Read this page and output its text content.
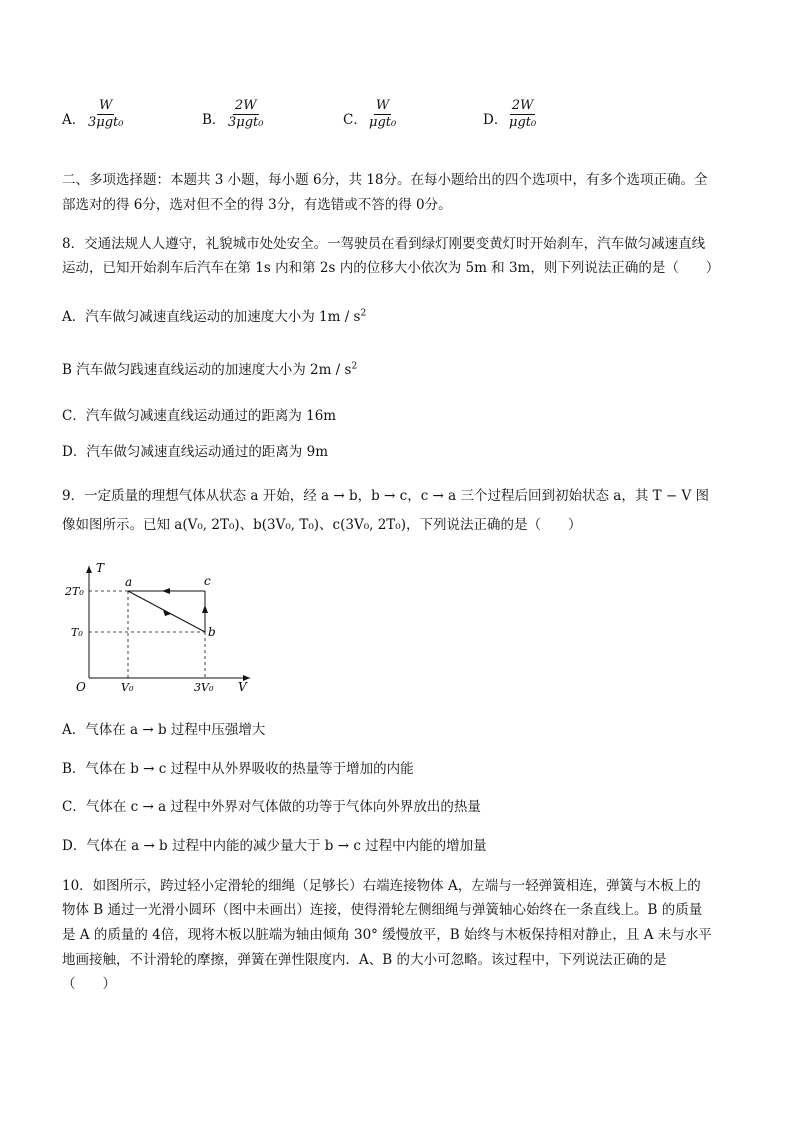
A．
W
3μgt₀	B．
2W
3μgt₀	C．
W
μgt₀	D．
2W
μgt₀
二、多项选择题：本题共 3 小题，每小题 6分，共 18分。在每小题给出的四个选项中，有多个选项正确。全
部选对的得 6分，选对但不全的得 3分，有选错或不答的得 0分。
8．交通法规人人遵守，礼貌城市处处安全。一驾驶员在看到绿灯刚要变黄灯时开始刹车，汽车做匀减速直线
运动，已知开始刹车后汽车在第 1s 内和第 2s 内的位移大小依次为 5m 和 3m，则下列说法正确的是（　　）
A．汽车做匀减速直线运动的加速度大小为 $1m / s^2$
B 汽车做匀践速直线运动的加速度大小为 $2m / s^2$
C．汽车做匀减速直线运动通过的距离为 16m
D．汽车做匀减速直线运动通过的距离为 9m
9．一定质量的理想气体从状态 a 开始，经 a → b，b → c，c → a 三个过程后回到初始状态 a，其 T − V 图
像如图所示。已知 a(V₀, 2T₀)、b(3V₀, T₀)、c(3V₀, 2T₀)，下列说法正确的是（　　）
T
V
O
2T₀
T₀
V₀	3V₀
a
b
c
A．气体在 a → b 过程中压强增大
B．气体在 b → c 过程中从外界吸收的热量等于增加的内能
C．气体在 c → a 过程中外界对气体做的功等于气体向外界放出的热量
D．气体在 a → b 过程中内能的减少量大于 b → c 过程中内能的增加量
10．如图所示，跨过轻小定滑轮的细绳（足够长）右端连接物体 A，左端与一轻弹簧相连，弹簧与木板上的
物体 B 通过一光滑小圆环（图中未画出）连接，使得滑轮左侧细绳与弹簧轴心始终在一条直线上。B 的质量
是 A 的质量的 4倍，现将木板以脏端为轴由倾角 30° 缓慢放平，B 始终与木板保持相对静止，且 A 未与水平
地画接触，不计滑轮的摩擦，弹簧在弹性限度内．A、B 的大小可忽略。该过程中，下列说法正确的是
（　　）
